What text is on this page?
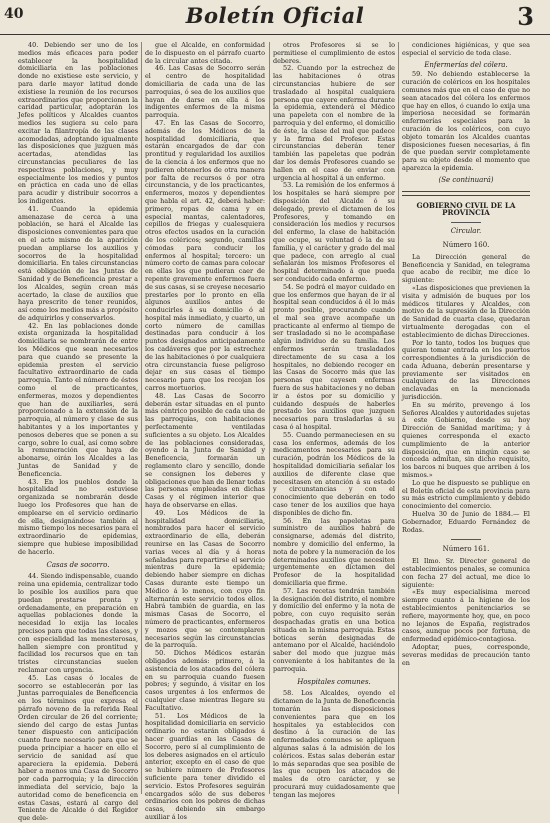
40	Boletín Oficial	3

40. Debiendo ser uno de los medios más eficaces para poder establecer la hospitalidad domiciliaria en las poblaciones donde no existiese este servicio, y para darle mayor latitud donde existiese la reunión de los recursos extraordinarios que proporcionen la caridad particular, adoptarán los Jefes políticos y Alcaldes cuantos medios les sugiera su celo para excitar la filantropía de las clases acomodadas, adoptando igualmente las disposiciones que juzguen más acertadas, atendidas las circunstancias peculiares de las respectivas poblaciones, y muy especialmente los medios y puntos en práctica en cada uno de ellas para acudir y distribuir socorros a los indigentes.

41. Cuando la epidemia amenazase de cerca a una población, se hará el Alcalde las disposiciones convenientes para que en el acto mismo de la aparición puedan ampliarse los auxilios y socorros de la hospitalidad domiciliaria. En tales circunstancias está obligación de las Juntas de Sanidad y de Beneficencia prestar a los Alcaldes, según crean más acertado, la clase de auxilios que haya prescrito de tener reunidos, así como los medios más a propósito de adquirirlos y conservarlos.

42. En las poblaciones donde exista organizada la hospitalidad domiciliaria se nombrarán de entre los Médicos que sean necesarios para que cuando se presente la epidemia presten el servicio facultativo extraordinario de cada parroquia. Tanto el número de éstos como el de practicantes, enfermeras, mozos y dependientes que han de auxiliarles, será proporcionado a la extensión de la parroquia, al número y clase de sus habitantes y a los importantes y penosos deberes que se ponen a su cargo, sobre lo cual, así como sobre la remuneración que haya de abonarse, oirán los Alcaldes a las Juntas de Sanidad y de Beneficencia.

43. En los pueblos donde la hospitalidad no estuviese organizada se nombrarán desde luego los Profesores que han de emplearse en el servicio ordinario de ella, designándose también al mismo tiempo los necesarios para el extraordinario de epidemias, siempre que hubiese imposibilidad de hacerlo.

Casas de socorro.

44. Siendo indispensable, cuando reina una epidemia, centralizar todo lo posible los auxilios para que puedan prestarse pronta y ordenadamente, en preparación en aquellas poblaciones donde la necesidad lo exija las locales precisos para que todas las clases, y con especialidad las menesterosas, hallen siempre con prontitud y facilidad los recursos que en tan tristes circunstancias suelen reclamar con urgencia.

45. Las casas ó locales de socorro se establecerán por las Juntas parroquiales de Beneficencia en los términos que expresa el párrafo noveno de la referida Real Orden circular de 26 del corriente; siendo del cargo de estas Juntas tener dispuesto con anticipación cuanto fuere necesario para que se pueda principiar a hacer en ello el servicio de sanidad así que apareciera la epidemia. Deberá haber a menos una Casa de Socorro por cada parroquia; y la dirección inmediata del servicio, bajo la autoridad como de beneficencia en estas Casas, estará al cargo del Teniente de Alcalde ó del Regidor que dele-

gue el Alcalde, en conformidad de lo dispuesto en el párrafo cuarto de la circular antes citada.

46. Las Casas de Socorro serán el centro de hospitalidad domiciliaria de cada una de las parroquias, ó sea de los auxilios que hayan de darse en ella á los indigentes enfermos de la misma parroquia.

47. En las Casas de Socorro, además de los Médicos de la hospitalidad domiciliaria, que estarán encargados de dar con prontitud y regularidad los auxilios de la ciencia á los enfermos que no pudieren obtenerlos de otra manera por falta de recursos ó por otra circunstancia, y de los practicantes, enfermeros, mozos y dependientes que habla el art. 42, deberá haber: primero, ropas de cama y en especial mantas, calentadores, cepillos de friegas y cualesquiera otros efectos usados en la curación de los coléricos; segundo, camillas cómodas para conducir los enfermos al hospital; tercero: un número corto de camas para colocar en ellas los que pudieran caer de repente gravemente enfermos fuera de sus casas, si se creyese necesario prestarles por lo pronto en ella algunos auxilios antes de conducirles á su domicilio ó al hospital más inmediato, y cuarto, un corto número de camillas destinadas para conducir á los puntos designados anticipadamente los cadáveres que por la estrechez de las habitaciones ó por cualquiera otra circunstancia fuese peligroso dejar en sus casas el tiempo necesario para que los recojan los carros mortuorios.

48. Las Casas de Socorro deberán estar situadas en el punto más céntrico posible de cada una de las parroquias, con habitaciones perfectamente ventiladas suficientes a su objeto. Los Alcaldes de las poblaciones consideradas, oyendo a la Junta de Sanidad y Beneficencia, formarán un reglamento claro y sencillo, donde se consignen los deberes y obligaciones que han de llenar todas las personas empleadas en dichas Casas y el régimen interior que haya de observarse en ellas.

49. Los Médicos de la hospitalidad domiciliaria, nombrados para hacer el servicio extraordinario de ella, deberán reunirse en las Casas de Socorro varias veces al día y á horas señaladas para repartirse el servicio mientras dure la epidemia; debiendo haber siempre en dichas Casas durante este tiempo un Médico á lo menos, con cuyo fin alternarán este servicio todos ellos. Habrá también de guardia, en las mismas Casas de Socorro, el número de practicantes, enfermeros y mozos que se contemplaren necesarios según las circunstancias de la parroquia.

50. Dichos Médicos estarán obligados además: primero, á la asistencia de los atacados del cólera en su parroquia cuando fuesen pobres; y segundo, á visitar en los casos urgentes á los enfermos de cualquier clase mientras llegare su Facultativo.

51. Los Médicos de la hospitalidad domiciliaria en servicio ordinario no estarán obligados á hacer guardias en las Casas de Socorro, pero sí al cumplimiento de los deberes asignados en el artículo anterior, excepto en el caso de que se hubiere número de Profesores suficiente para tener dividido el servicio. Estos Profesores seguirán encargados sólo de sus deberes ordinarios con los pobres de dichas casas, debiendo sin embargo auxiliar á los

otros Profesores si se lo permitiese el cumplimiento de estos deberes.

52. Cuando por la estrechez de las habitaciones ó otras circunstancias hubiere de ser trasladado al hospital cualquiera persona que cayere enferma durante la epidemia, extenderá el Médico una papeleta con el nombre de la parroquia y del enfermo, el domicilio de éste, la clase del mal que padece y la firma del Profesor. Estas circunstancias deberán tener también las papeletas que podrán dar los demás Profesores cuando se hallen en el caso de enviar con urgencia al hospital á un enfermo.

53. La remisión de los enfermos á los hospitales se hará siempre por disposición del Alcalde ó su delegado, previo el dictamen de los Profesores, y tomando en consideración los medios y recursos del enfermo, la clase de habitación que ocupe, su voluntad ó la de su familia, y el carácter y grado del mal que padece, con arreglo al cual señalarán los mismos Profesores el hospital determinado á que pueda ser conducido cada enfermo.

54. Se podrá el mayor cuidado en que los enfermos que hayan de ir al hospital sean conducidos á él lo más pronto posible, procurando cuando el mal sea grave acompañe un practicante al enfermo al tiempo de ser trasladado si no le acompañase algún individuo de su familia. Los enfermos serán trasladados directamente de su casa a los hospitales, no debiendo recoger en las Casas de Socorro más que las personas que cayesen enfermas fuera de sus habitaciones y no deban ir a éstos por su domicilio y cuidando después de haberles prestado los auxilios que juzguen necesarios para trasladarlas á su casa ó al hospital.

55. Cuando permaneciesen en su casa los enfermos, además de los medicamentos necesarios para su curación, podrán los Médicos de la hospitalidad domiciliaria señalar los auxilios de diferente clase que necesitasen en atención á su estado y circunstancias y con el conocimiento que deberán en todo caso tener de los auxilios que haya disponibles de dicho fin.

56. En las papeletas para suministro de auxilios habrá de consignarse, además del distrito, nombre y domicilio del enfermo, la nota de pobre y la numeración de los determinados auxilios que necesiten urgentemente en dictamen del Profesor de la hospitalidad domiciliaria que firme.

57. Las recetas tendrán también la designación del distrito, el nombre y domicilio del enfermo y la nota de pobre, con cuyo requisito serán despachadas gratis en una botica situada en la misma parroquia. Estas boticas serán designadas de antemano por el Alcalde, haciéndolo saber del modo que juzgue más conveniente á los habitantes de la parroquia.

Hospitales comunes.

58. Los Alcaldes, oyendo el dictamen de la Junta de Beneficencia tomarán las disposiciones convenientes para que en los hospitales ya establecidos con destino á la curación de las enfermedades comunes se apliquen algunas salas á la admisión de los coléricos. Estas salas deberán estar lo más separadas que sea posible de las que ocupen los atacados de males de otro carácter, y se procurará muy cuidadosamente que tengan las mejores

condiciones higiénicas, y que sea especial el servicio de toda clase.

Enfermerías del cólera.

59. No debiendo establecerse la curación de coléricos en los hospitales comunes más que en el caso de que no sean atacados del cólera los enfermos que hay en ellos, ó cuando lo exija una imperiosa necesidad se formarán enfermerías especiales para la curación de los coléricos, con cuyo objeto tomarán los Alcaldes cuantas disposiciones fuesen necesarias, á fin de que puedan servir completamente para su objeto desde el momento que aparezca la epidemia.

(Se continuará)
GOBIERNO CIVIL DE LA PROVINCIA
Circular.
Número 160.

La Dirección general de Beneficencia y Sanidad, en telegrama que acabo de recibir, me dice lo siguiente:

«Las disposiciones que previenen la visita y admisión de buques por los médicos titulares y Alcaldes, con motivo de la supresión de la Dirección de Sanidad de cuarta clase, quedaran virtualmente derogadas con el establecimiento de dichas Direcciones.

Por lo tanto, todos los buques que quieran tomar entrada en los puertos correspondientes á la jurisdicción de cada Aduana, deberán presentarse y previamente ser visitados en cualquiera de las Direcciones enclavadas en la mencionada jurisdicción.

En su mérito, prevengo á los Señores Alcaldes y autoridades sujetas á este Gobierno, desde su hoy Dirección de Sanidad marítima; y á quienes corresponda el exacto cumplimiento de la anterior disposición, que en ningún caso se conceda admitan, sin dicho requisito, los barcos ni buques que arriben á los mismos.»

Lo que he dispuesto se publique en el Boletín oficial de esta provincia para su más estricto cumplimiento y debido conocimiento del comercio.

Huelva 30 de Junio de 1884.— El Gobernador, Eduardo Fernández de Rodas.

Número 161.

El Ilmo. Sr. Director general de establecimientos penales, se comunica con fecha 27 del actual, me dice lo siguiente:

«Es muy especialísima merced siempre cuanto á la higiene de los establecimientos penitenciarios se refiere, mayormente hoy, que, en poco no lejanos de España, registrados casos, aunque pocos por fortuna, de enfermedad epidémico-contagiosa.

Adoptar, pues, corresponde, severas medidas de precaución tanto en
